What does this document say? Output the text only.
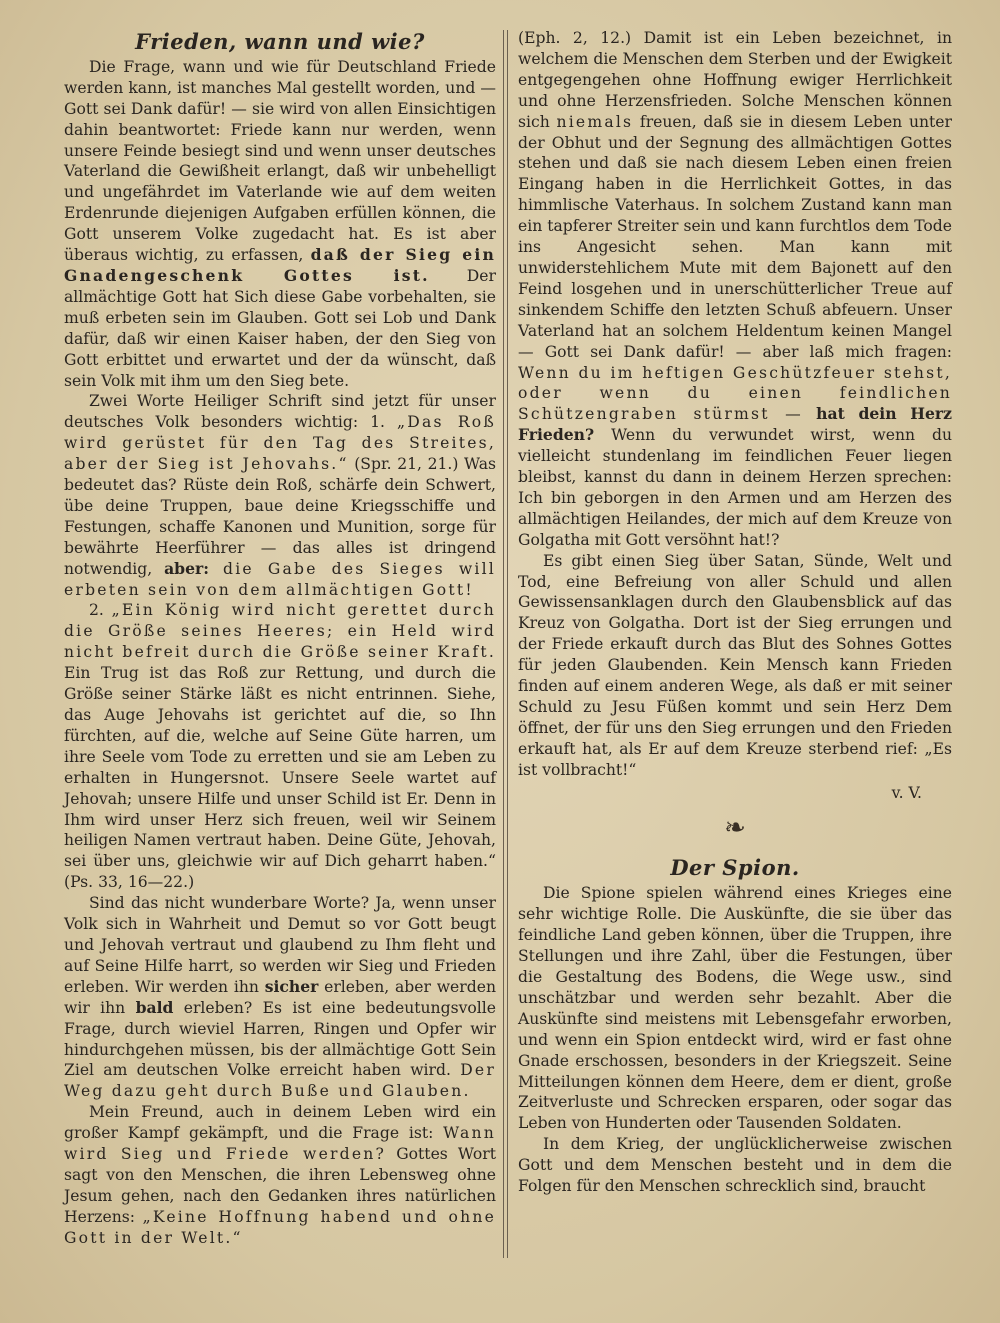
Frieden, wann und wie?

Die Frage, wann und wie für Deutschland Friede werden kann, ist manches Mal gestellt worden, und — Gott sei Dank dafür! — sie wird von allen Einsichtigen dahin beantwortet: Friede kann nur werden, wenn unsere Feinde besiegt sind und wenn unser deutsches Vaterland die Gewißheit erlangt, daß wir unbehelligt und ungefährdet im Vaterlande wie auf dem weiten Erdenrunde diejenigen Aufgaben erfüllen können, die Gott unserem Volke zugedacht hat. Es ist aber überaus wichtig, zu erfassen, daß der Sieg ein Gnadengeschenk Gottes ist. Der allmächtige Gott hat Sich diese Gabe vorbehalten, sie muß erbeten sein im Glauben. Gott sei Lob und Dank dafür, daß wir einen Kaiser haben, der den Sieg von Gott erbittet und erwartet und der da wünscht, daß sein Volk mit ihm um den Sieg bete.

Zwei Worte Heiliger Schrift sind jetzt für unser deutsches Volk besonders wichtig: 1. „Das Roß wird gerüstet für den Tag des Streites, aber der Sieg ist Jehovahs.“ (Spr. 21, 21.) Was bedeutet das? Rüste dein Roß, schärfe dein Schwert, übe deine Truppen, baue deine Kriegsschiffe und Festungen, schaffe Kanonen und Munition, sorge für bewährte Heerführer — das alles ist dringend notwendig, aber: die Gabe des Sieges will erbeten sein von dem allmächtigen Gott!

2. „Ein König wird nicht gerettet durch die Größe seines Heeres; ein Held wird nicht befreit durch die Größe seiner Kraft. Ein Trug ist das Roß zur Rettung, und durch die Größe seiner Stärke läßt es nicht entrinnen. Siehe, das Auge Jehovahs ist gerichtet auf die, so Ihn fürchten, auf die, welche auf Seine Güte harren, um ihre Seele vom Tode zu erretten und sie am Leben zu erhalten in Hungersnot. Unsere Seele wartet auf Jehovah; unsere Hilfe und unser Schild ist Er. Denn in Ihm wird unser Herz sich freuen, weil wir Seinem heiligen Namen vertraut haben. Deine Güte, Jehovah, sei über uns, gleichwie wir auf Dich geharrt haben.“ (Ps. 33, 16—22.)

Sind das nicht wunderbare Worte? Ja, wenn unser Volk sich in Wahrheit und Demut so vor Gott beugt und Jehovah vertraut und glaubend zu Ihm fleht und auf Seine Hilfe harrt, so werden wir Sieg und Frieden erleben. Wir werden ihn sicher erleben, aber werden wir ihn bald erleben? Es ist eine bedeutungsvolle Frage, durch wieviel Harren, Ringen und Opfer wir hindurchgehen müssen, bis der allmächtige Gott Sein Ziel am deutschen Volke erreicht haben wird. Der Weg dazu geht durch Buße und Glauben.

Mein Freund, auch in deinem Leben wird ein großer Kampf gekämpft, und die Frage ist: Wann wird Sieg und Friede werden? Gottes Wort sagt von den Menschen, die ihren Lebensweg ohne Jesum gehen, nach den Gedanken ihres natürlichen Herzens: „Keine Hoffnung habend und ohne Gott in der Welt.“

(Eph. 2, 12.) Damit ist ein Leben bezeichnet, in welchem die Menschen dem Sterben und der Ewigkeit entgegengehen ohne Hoffnung ewiger Herrlichkeit und ohne Herzensfrieden. Solche Menschen können sich niemals freuen, daß sie in diesem Leben unter der Obhut und der Segnung des allmächtigen Gottes stehen und daß sie nach diesem Leben einen freien Eingang haben in die Herrlichkeit Gottes, in das himmlische Vaterhaus. In solchem Zustand kann man ein tapferer Streiter sein und kann furchtlos dem Tode ins Angesicht sehen. Man kann mit unwiderstehlichem Mute mit dem Bajonett auf den Feind losgehen und in unerschütterlicher Treue auf sinkendem Schiffe den letzten Schuß abfeuern. Unser Vaterland hat an solchem Heldentum keinen Mangel — Gott sei Dank dafür! — aber laß mich fragen: Wenn du im heftigen Geschützfeuer stehst, oder wenn du einen feindlichen Schützengraben stürmst — hat dein Herz Frieden? Wenn du verwundet wirst, wenn du vielleicht stundenlang im feindlichen Feuer liegen bleibst, kannst du dann in deinem Herzen sprechen: Ich bin geborgen in den Armen und am Herzen des allmächtigen Heilandes, der mich auf dem Kreuze von Golgatha mit Gott versöhnt hat!?

Es gibt einen Sieg über Satan, Sünde, Welt und Tod, eine Befreiung von aller Schuld und allen Gewissensanklagen durch den Glaubensblick auf das Kreuz von Golgatha. Dort ist der Sieg errungen und der Friede erkauft durch das Blut des Sohnes Gottes für jeden Glaubenden. Kein Mensch kann Frieden finden auf einem anderen Wege, als daß er mit seiner Schuld zu Jesu Füßen kommt und sein Herz Dem öffnet, der für uns den Sieg errungen und den Frieden erkauft hat, als Er auf dem Kreuze sterbend rief: „Es ist vollbracht!“

v. V.
❧
Der Spion.

Die Spione spielen während eines Krieges eine sehr wichtige Rolle. Die Auskünfte, die sie über das feindliche Land geben können, über die Truppen, ihre Stellungen und ihre Zahl, über die Festungen, über die Gestaltung des Bodens, die Wege usw., sind unschätzbar und werden sehr bezahlt. Aber die Auskünfte sind meistens mit Lebensgefahr erworben, und wenn ein Spion entdeckt wird, wird er fast ohne Gnade erschossen, besonders in der Kriegszeit. Seine Mitteilungen können dem Heere, dem er dient, große Zeitverluste und Schrecken ersparen, oder sogar das Leben von Hunderten oder Tausenden Soldaten.

In dem Krieg, der unglücklicherweise zwischen Gott und dem Menschen besteht und in dem die Folgen für den Menschen schrecklich sind, braucht
